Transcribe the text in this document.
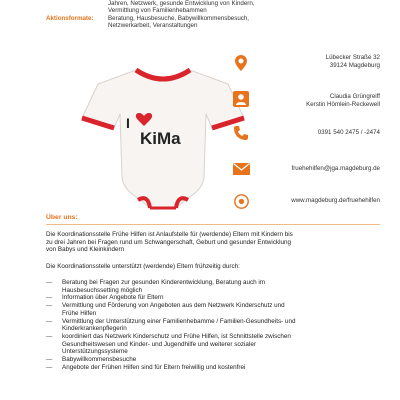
Jahren, Netzwerk, gesunde Entwicklung von Kindern,
Vermittlung von Familienhebammen
Aktionsformate:	Beratung, Hausbesuche, Babywillkommensbesuch,
Netzwerkarbeit, Veranstaltungen
I
KiMa
Lübecker Straße 32
39124 Magdeburg
Claudia Grüngreiff
Kerstin Hömlein-Reckewell
0391 540 2475 / -2474
fruehehilfen@jga.magdeburg.de
www.magdeburg.de/fruehehilfen
Über uns:
Die Koordinationsstelle Frühe Hilfen ist Anlaufstelle für (werdende) Eltern mit Kindern bis
zu drei Jahren bei Fragen rund um Schwangerschaft, Geburt und gesunder Entwicklung
von Babys und Kleinkindern
Die Koordinationsstelle unterstützt (werdende) Eltern frühzeitig durch:
—	Beratung bei Fragen zur gesunden Kinderentwicklung, Beratung auch im
Hausbesuchssetting möglich
—	Information über Angebote für Eltern
—	Vermittlung und Förderung von Angeboten aus dem Netzwerk Kinderschutz und
Frühe Hilfen
—	Vermittlung der Unterstützung einer Familienhebamme / Familien-Gesundheits- und
Kinderkrankenpflegerin
—	koordiniert das Netzwerk Kinderschutz und Frühe Hilfen, ist Schnittstelle zwischen
Gesundheitswesen und Kinder- und Jugendhilfe und weiterer sozialer
Unterstützungssysteme
—	Babywillkommensbesuche
—	Angebote der Frühen Hilfen sind für Eltern freiwillig und kostenfrei
